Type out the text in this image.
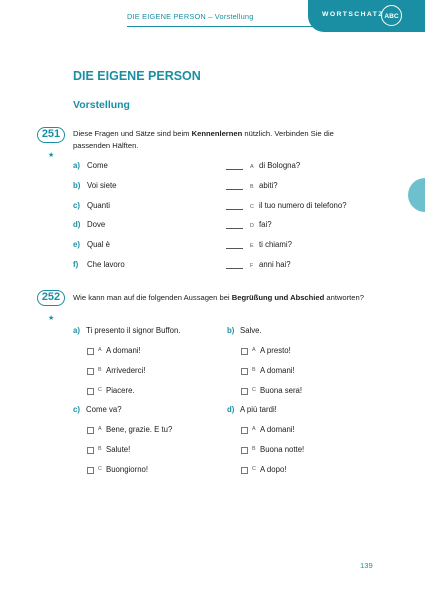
DIE EIGENE PERSON – Vorstellung	WORTSCHATZ ABC
DIE EIGENE PERSON
Vorstellung
251
★
Diese Fragen und Sätze sind beim Kennenlernen nützlich. Verbinden Sie die passenden Hälften.
a) Come	A di Bologna?
b) Voi siete	B abiti?
c) Quanti	C il tuo numero di telefono?
d) Dove	D fai?
e) Qual è	E ti chiami?
f) Che lavoro	F anni hai?
252
★
Wie kann man auf die folgenden Aussagen bei Begrüßung und Abschied antworten?
a) Ti presento il signor Buffon.
A A domani!
B Arrivederci!
C Piacere.
b) Salve.
A A presto!
B A domani!
C Buona sera!
c) Come va?
A Bene, grazie. E tu?
B Salute!
C Buongiorno!
d) A più tardi!
A A domani!
B Buona notte!
C A dopo!
139
